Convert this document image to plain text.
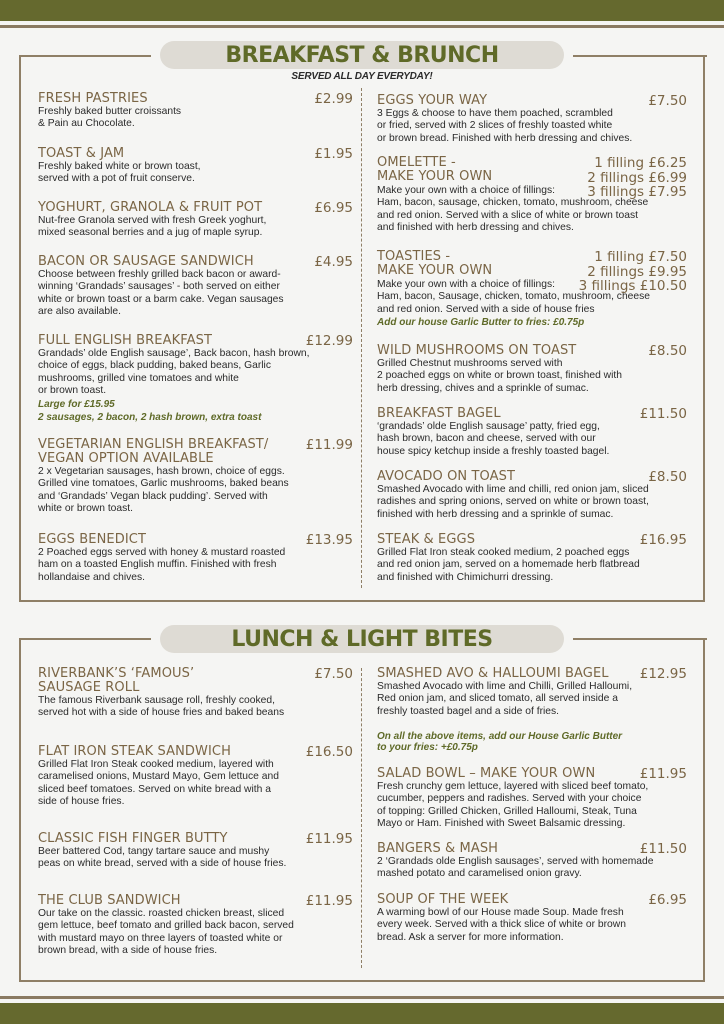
BREAKFAST & BRUNCH
SERVED ALL DAY EVERYDAY!
FRESH PASTRIES	£2.99
Freshly baked butter croissants
& Pain au Chocolate.
TOAST & JAM	£1.95
Freshly baked white or brown toast,
served with a pot of fruit conserve.
YOGHURT, GRANOLA & FRUIT POT	£6.95
Nut-free Granola served with fresh Greek yoghurt,
mixed seasonal berries and a jug of maple syrup.
BACON OR SAUSAGE SANDWICH	£4.95
Choose between freshly grilled back bacon or award-
winning ‘Grandads’ sausages’ - both served on either
white or brown toast or a barm cake. Vegan sausages
are also available.
FULL ENGLISH BREAKFAST	£12.99
Grandads’ olde English sausage’, Back bacon, hash brown,
choice of eggs, black pudding, baked beans, Garlic
mushrooms, grilled vine tomatoes and white
or brown toast.
Large for £15.95
2 sausages, 2 bacon, 2 hash brown, extra toast
VEGETARIAN ENGLISH BREAKFAST/
VEGAN OPTION AVAILABLE
£11.99
2 x Vegetarian sausages, hash brown, choice of eggs.
Grilled vine tomatoes, Garlic mushrooms, baked beans
and ‘Grandads’ Vegan black pudding’. Served with
white or brown toast.
EGGS BENEDICT	£13.95
2 Poached eggs served with honey & mustard roasted
ham on a toasted English muffin. Finished with fresh
hollandaise and chives.
EGGS YOUR WAY	£7.50
3 Eggs & choose to have them poached, scrambled
or fried, served with 2 slices of freshly toasted white
or brown bread. Finished with herb dressing and chives.
OMELETTE -
MAKE YOUR OWN
1 filling £6.25
2 fillings £6.99
3 fillings £7.95
Make your own with a choice of fillings:
Ham, bacon, sausage, chicken, tomato, mushroom, cheese
and red onion. Served with a slice of white or brown toast
and finished with herb dressing and chives.
TOASTIES -
MAKE YOUR OWN
1 filling £7.50
2 fillings £9.95
3 fillings £10.50
Make your own with a choice of fillings:
Ham, bacon, Sausage, chicken, tomato, mushroom, cheese
and red onion. Served with a side of house fries
Add our house Garlic Butter to fries: £0.75p
WILD MUSHROOMS ON TOAST	£8.50
Grilled Chestnut mushrooms served with
2 poached eggs on white or brown toast, finished with
herb dressing, chives and a sprinkle of sumac.
BREAKFAST BAGEL	£11.50
‘grandads’ olde English sausage’ patty, fried egg,
hash brown, bacon and cheese, served with our
house spicy ketchup inside a freshly toasted bagel.
AVOCADO ON TOAST	£8.50
Smashed Avocado with lime and chilli, red onion jam, sliced
radishes and spring onions, served on white or brown toast,
finished with herb dressing and a sprinkle of sumac.
STEAK & EGGS	£16.95
Grilled Flat Iron steak cooked medium, 2 poached eggs
and red onion jam, served on a homemade herb flatbread
and finished with Chimichurri dressing.
LUNCH & LIGHT BITES
RIVERBANK’S ‘FAMOUS’
SAUSAGE ROLL
£7.50
The famous Riverbank sausage roll, freshly cooked,
served hot with a side of house fries and baked beans
FLAT IRON STEAK SANDWICH	£16.50
Grilled Flat Iron Steak cooked medium, layered with
caramelised onions, Mustard Mayo, Gem lettuce and
sliced beef tomatoes. Served on white bread with a
side of house fries.
CLASSIC FISH FINGER BUTTY	£11.95
Beer battered Cod, tangy tartare sauce and mushy
peas on white bread, served with a side of house fries.
THE CLUB SANDWICH	£11.95
Our take on the classic. roasted chicken breast, sliced
gem lettuce, beef tomato and grilled back bacon, served
with mustard mayo on three layers of toasted white or
brown bread, with a side of house fries.
SMASHED AVO & HALLOUMI BAGEL £12.95
Smashed Avocado with lime and Chilli, Grilled Halloumi,
Red onion jam, and sliced tomato, all served inside a
freshly toasted bagel and a side of fries.
On all the above items, add our House Garlic Butter
to your fries: +£0.75p
SALAD BOWL – MAKE YOUR OWN	£11.95
Fresh crunchy gem lettuce, layered with sliced beef tomato,
cucumber, peppers and radishes. Served with your choice
of topping: Grilled Chicken, Grilled Halloumi, Steak, Tuna
Mayo or Ham. Finished with Sweet Balsamic dressing.
BANGERS & MASH	£11.50
2 ‘Grandads olde English sausages’, served with homemade
mashed potato and caramelised onion gravy.
SOUP OF THE WEEK	£6.95
A warming bowl of our House made Soup. Made fresh
every week. Served with a thick slice of white or brown
bread. Ask a server for more information.
